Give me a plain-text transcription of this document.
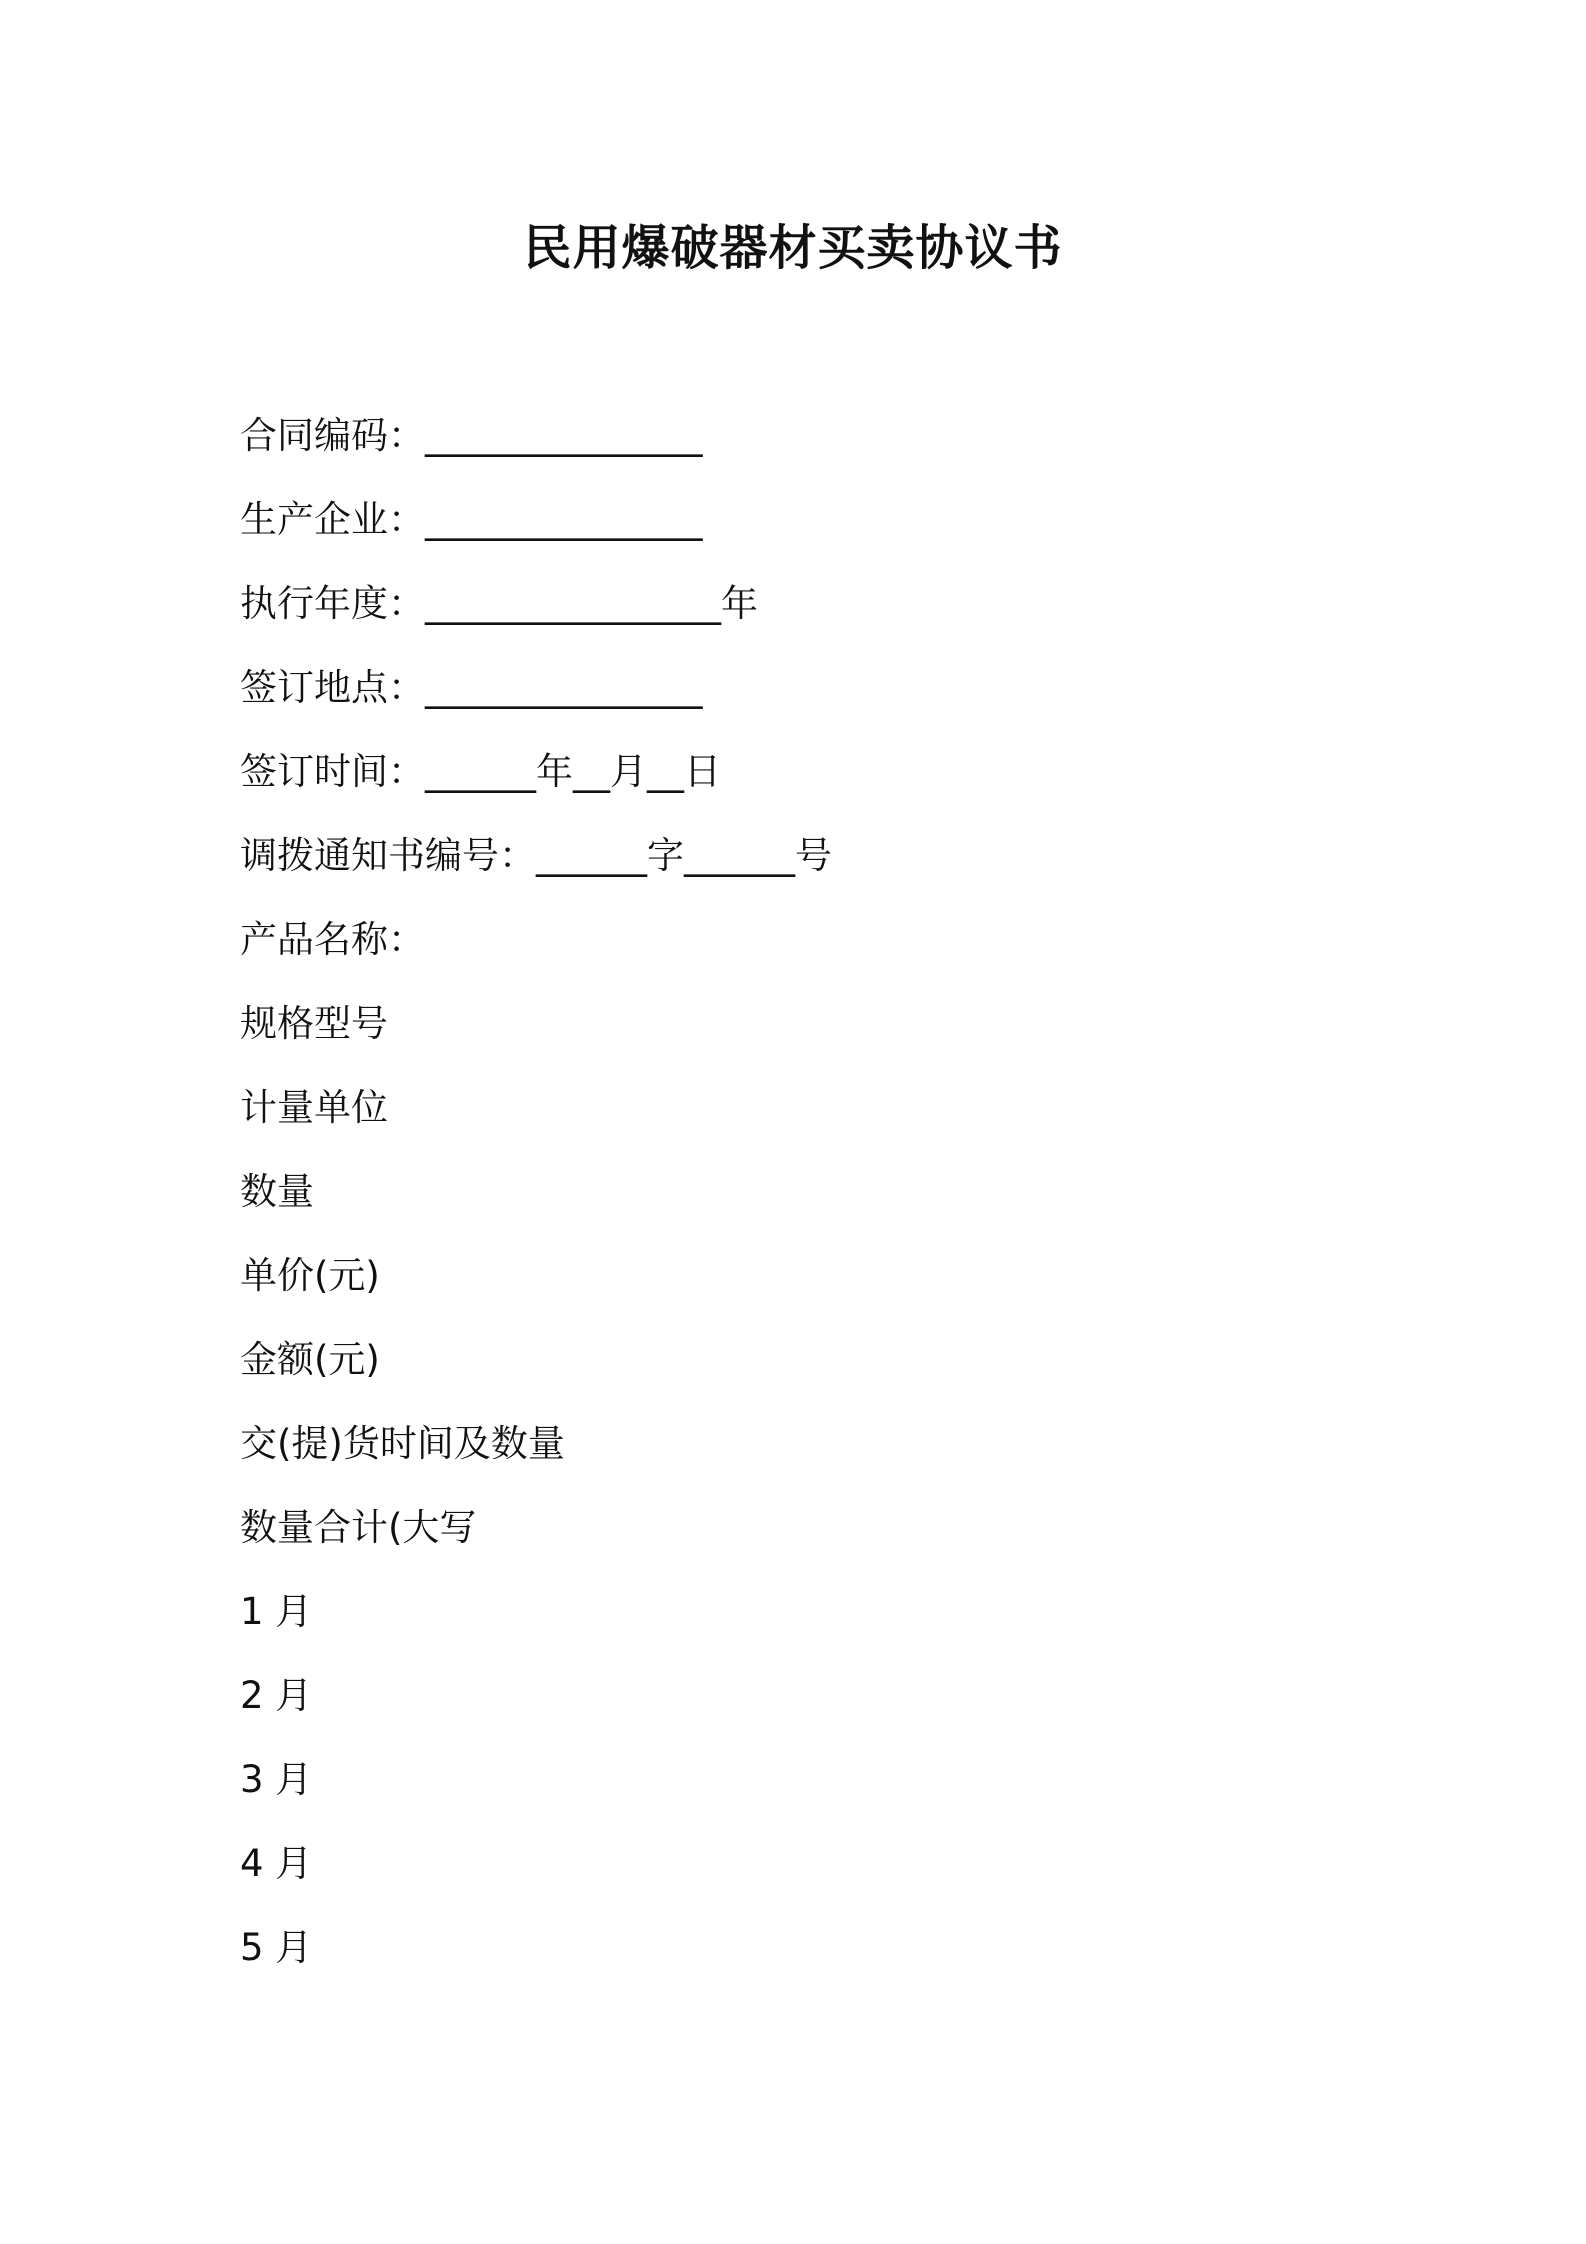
民用爆破器材买卖协议书
合同编码：_______________
生产企业：_______________
执行年度：________________年
签订地点：_______________
签订时间：______年__月__日
调拨通知书编号：______字______号
产品名称：
规格型号
计量单位
数量
单价(元)
金额(元)
交(提)货时间及数量
数量合计(大写
1 月
2 月
3 月
4 月
5 月
